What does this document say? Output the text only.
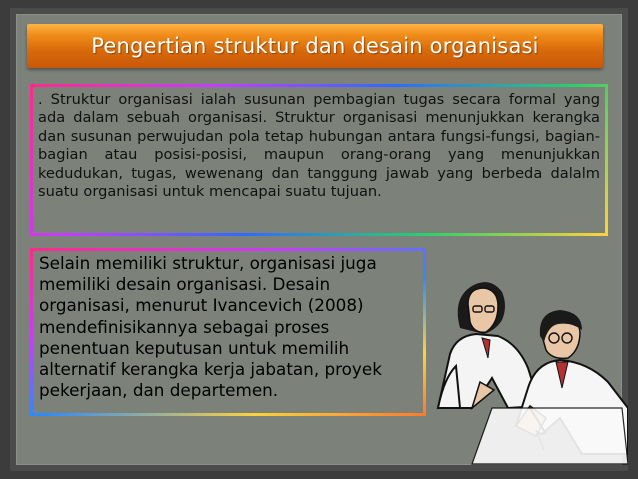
Pengertian struktur dan desain organisasi

. Struktur organisasi ialah susunan pembagian tugas secara formal yang ada dalam sebuah organisasi. Struktur organisasi menunjukkan kerangka dan susunan perwujudan pola tetap hubungan antara fungsi-fungsi, bagian-bagian atau posisi-posisi, maupun orang-orang yang menunjukkan kedudukan, tugas, wewenang dan tanggung jawab yang berbeda dalalm suatu organisasi untuk mencapai suatu tujuan.

Selain memiliki struktur, organisasi juga memiliki desain organisasi. Desain organisasi, menurut Ivancevich (2008) mendefinisikannya sebagai proses penentuan keputusan untuk memilih alternatif kerangka kerja jabatan, proyek pekerjaan, dan departemen.
